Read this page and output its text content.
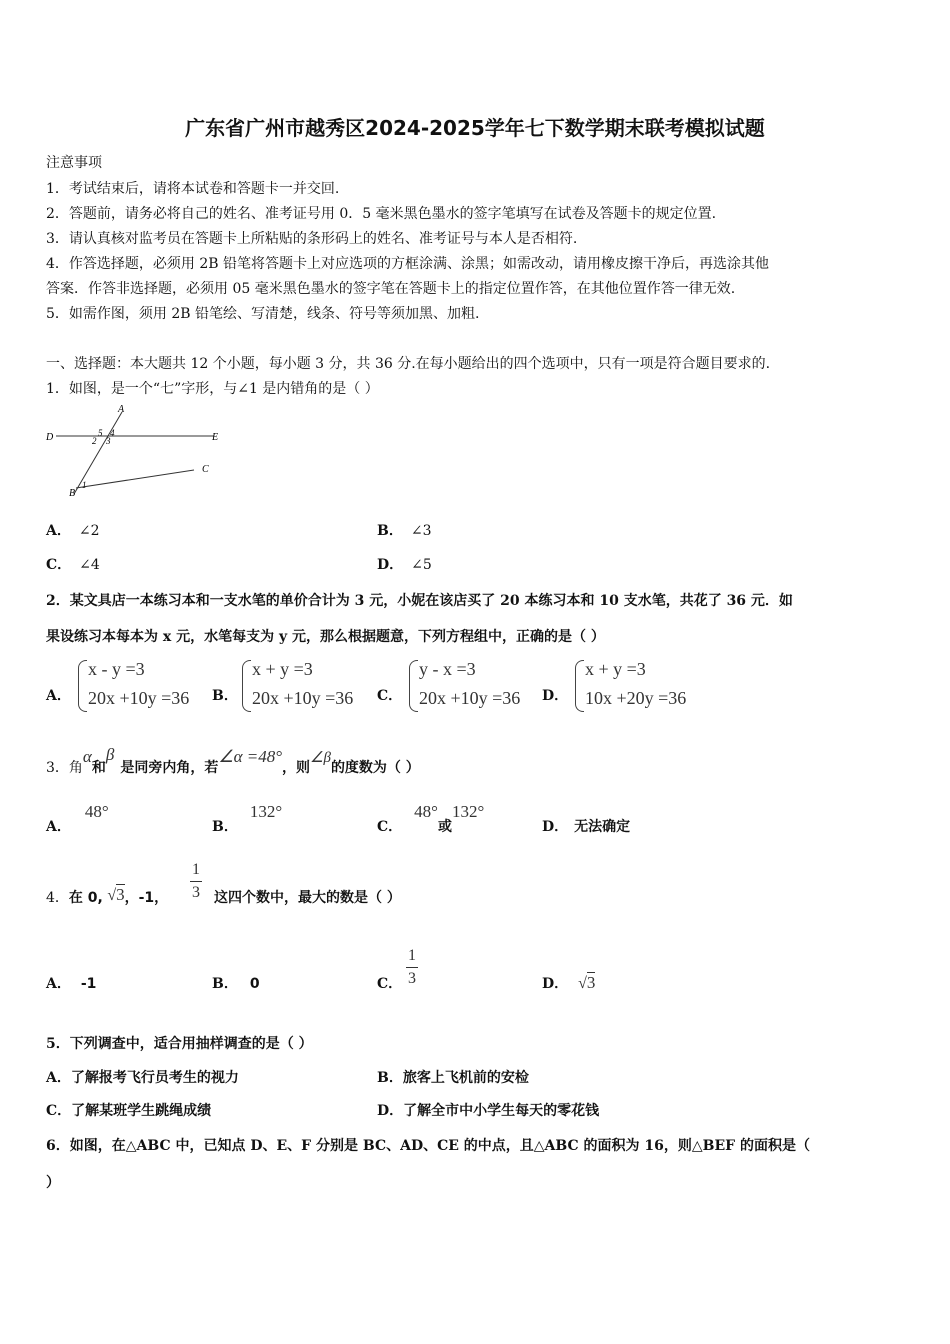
广东省广州市越秀区2024-2025学年七下数学期末联考模拟试题
注意事项
1．考试结束后，请将本试卷和答题卡一并交回.
2．答题前，请务必将自己的姓名、准考证号用 0．5 毫米黑色墨水的签字笔填写在试卷及答题卡的规定位置.
3．请认真核对监考员在答题卡上所粘贴的条形码上的姓名、准考证号与本人是否相符.
4．作答选择题，必须用 2B 铅笔将答题卡上对应选项的方框涂满、涂黑；如需改动，请用橡皮擦干净后，再选涂其他
答案．作答非选择题，必须用 05 毫米黑色墨水的签字笔在答题卡上的指定位置作答，在其他位置作答一律无效.
5．如需作图，须用 2B 铅笔绘、写清楚，线条、符号等须加黑、加粗.
一、选择题：本大题共 12 个小题，每小题 3 分，共 36 分.在每小题给出的四个选项中，只有一项是符合题目要求的.
1．如图，是一个“七”字形，与∠1 是内错角的是（ ）
D	E
A
B
C
1
2 3
4
5
A． ∠2	B． ∠3
C． ∠4	D． ∠5
2．某文具店一本练习本和一支水笔的单价合计为 3 元，小妮在该店买了 20 本练习本和 10 支水笔，共花了 36 元．如
果设练习本每本为 x 元，水笔每支为 y 元，那么根据题意，下列方程组中，正确的是（ ）
A．
x - y =3
20x +10y =36 B．
x + y =3
20x +10y =36 C．
y - x =3
20x +10y =36 D．
x + y =3
10x +20y =36
3．角α和β是同旁内角，若∠α =48°，则∠β的度数为（ ）
A．48°
B．132°
C．48°或132°
D． 无法确定
4．在 0, √3，-1，
1
3 这四个数中，最大的数是（ ）
A． -1	B． 0	C．
1
3	D． √3
5．下列调查中，适合用抽样调查的是（ ）
A．了解报考飞行员考生的视力	B．旅客上飞机前的安检
C．了解某班学生跳绳成绩	D．了解全市中小学生每天的零花钱
6．如图，在△ABC 中，已知点 D、E、F 分别是 BC、AD、CE 的中点，且△ABC 的面积为 16，则△BEF 的面积是（
）
